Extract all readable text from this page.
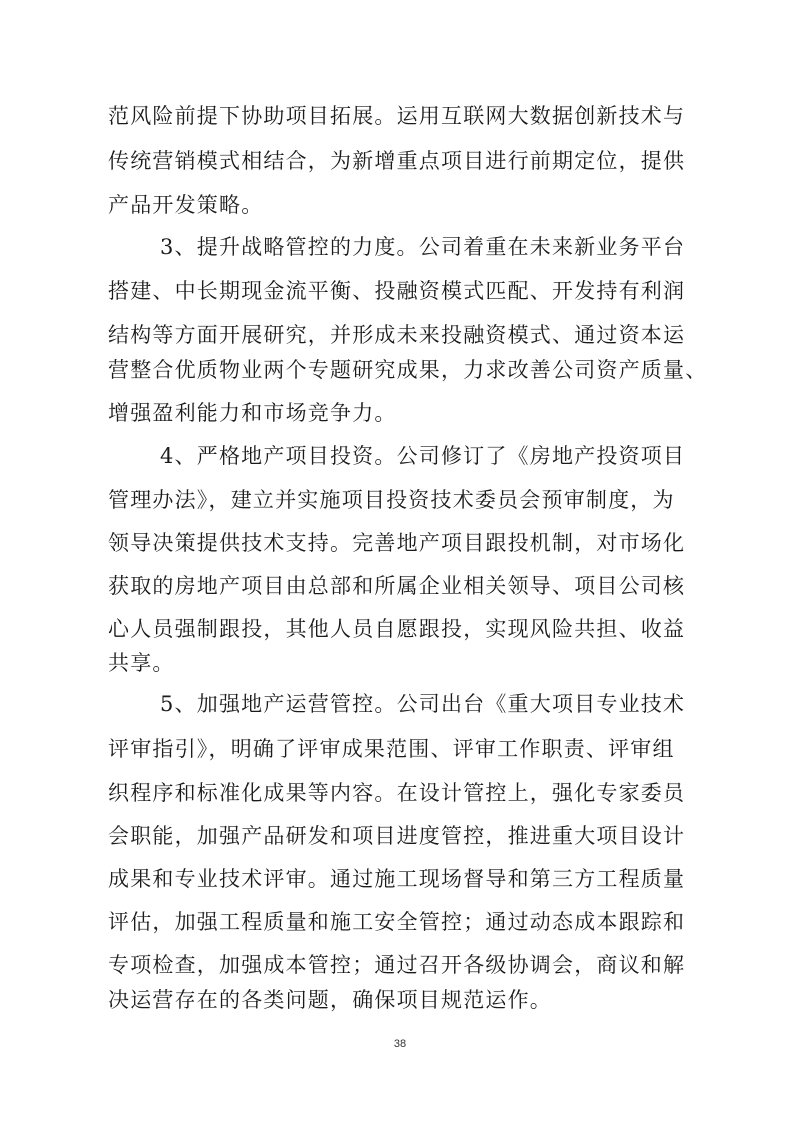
范风险前提下协助项目拓展。运用互联网大数据创新技术与
传统营销模式相结合，为新增重点项目进行前期定位，提供
产品开发策略。
3、提升战略管控的力度。公司着重在未来新业务平台
搭建、中长期现金流平衡、投融资模式匹配、开发持有利润
结构等方面开展研究，并形成未来投融资模式、通过资本运
营整合优质物业两个专题研究成果，力求改善公司资产质量、
增强盈利能力和市场竞争力。
4、严格地产项目投资。公司修订了《房地产投资项目
管理办法》，建立并实施项目投资技术委员会预审制度，为
领导决策提供技术支持。完善地产项目跟投机制，对市场化
获取的房地产项目由总部和所属企业相关领导、项目公司核
心人员强制跟投，其他人员自愿跟投，实现风险共担、收益
共享。
5、加强地产运营管控。公司出台《重大项目专业技术
评审指引》，明确了评审成果范围、评审工作职责、评审组
织程序和标准化成果等内容。在设计管控上，强化专家委员
会职能，加强产品研发和项目进度管控，推进重大项目设计
成果和专业技术评审。通过施工现场督导和第三方工程质量
评估，加强工程质量和施工安全管控；通过动态成本跟踪和
专项检查，加强成本管控；通过召开各级协调会，商议和解
决运营存在的各类问题，确保项目规范运作。
38
